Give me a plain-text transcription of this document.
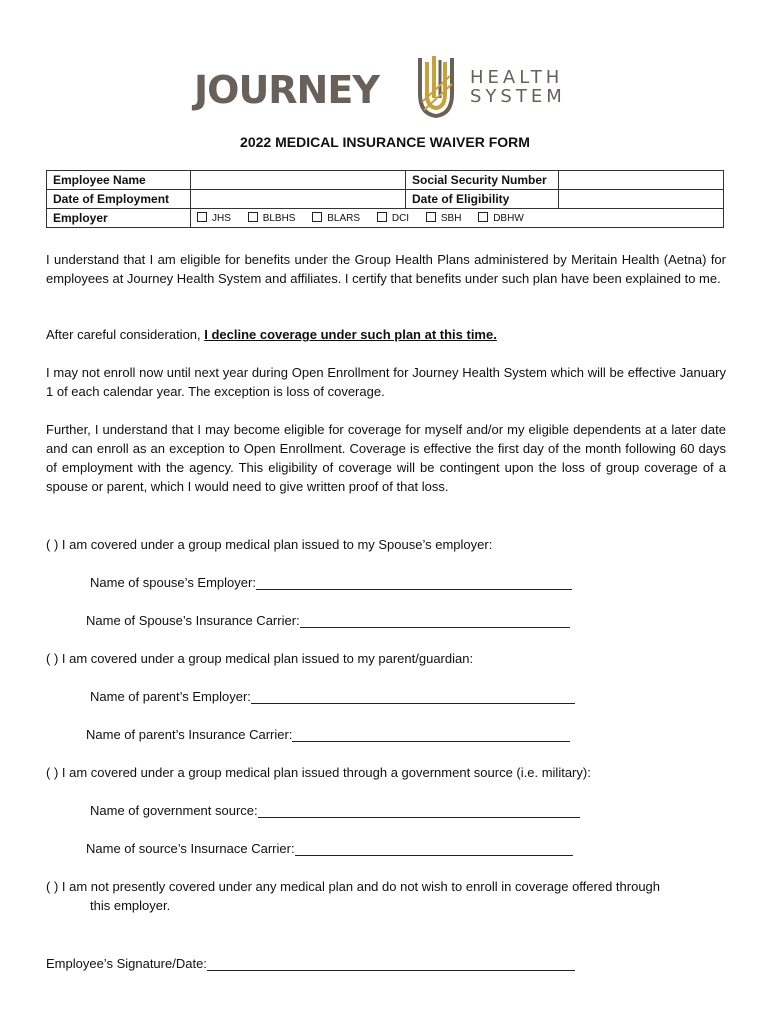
JOURNEY	HEALTH
SYSTEM
2022 MEDICAL INSURANCE WAIVER FORM
Employee Name		Social Security Number	
Date of Employment		Date of Eligibility	
Employer	JHS BLBHS BLARS DCI SBH DBHW		

I understand that I am eligible for benefits under the Group Health Plans administered by Meritain Health (Aetna) for employees at Journey Health System and affiliates. I certify that benefits under such plan have been explained to me.

After careful consideration, I decline coverage under such plan at this time.

I may not enroll now until next year during Open Enrollment for Journey Health System which will be effective January 1 of each calendar year. The exception is loss of coverage.

Further, I understand that I may become eligible for coverage for myself and/or my eligible dependents at a later date and can enroll as an exception to Open Enrollment. Coverage is effective the first day of the month following 60 days of employment with the agency. This eligibility of coverage will be contingent upon the loss of group coverage of a spouse or parent, which I would need to give written proof of that loss.

( ) I am covered under a group medical plan issued to my Spouse’s employer:

Name of spouse’s Employer:

Name of Spouse’s Insurance Carrier:

( ) I am covered under a group medical plan issued to my parent/guardian:

Name of parent’s Employer:

Name of parent’s Insurance Carrier:

( ) I am covered under a group medical plan issued through a government source (i.e. military):

Name of government source:

Name of source’s Insurnace Carrier:

( ) I am not presently covered under any medical plan and do not wish to enroll in coverage offered through

this employer.

Employee’s Signature/Date:
